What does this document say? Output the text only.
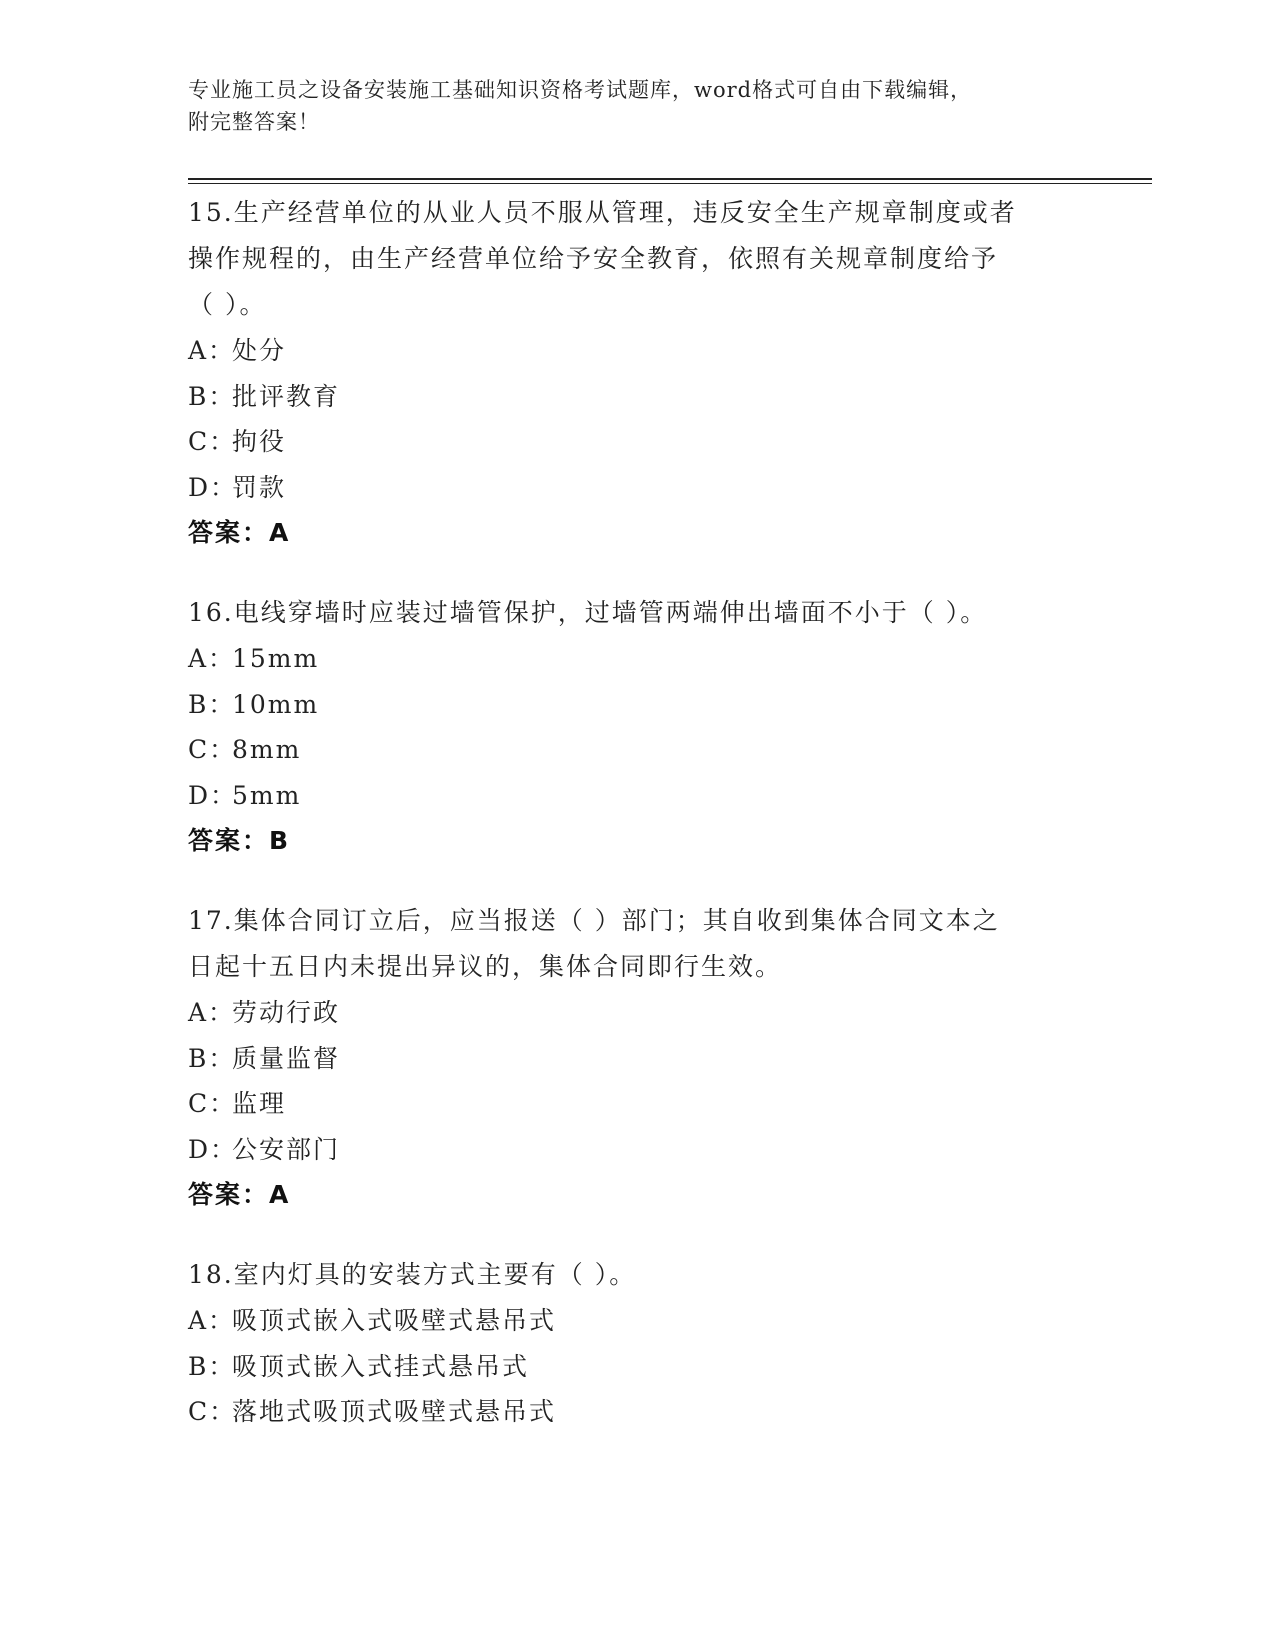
专业施工员之设备安装施工基础知识资格考试题库，word格式可自由下载编辑，
附完整答案！
15.生产经营单位的从业人员不服从管理，违反安全生产规章制度或者
操作规程的，由生产经营单位给予安全教育，依照有关规章制度给予
（ ）。
A：处分
B：批评教育
C：拘役
D：罚款
答案：A
16.电线穿墙时应装过墙管保护，过墙管两端伸出墙面不小于（ ）。
A：15mm
B：10mm
C：8mm
D：5mm
答案：B
17.集体合同订立后，应当报送（ ）部门；其自收到集体合同文本之
日起十五日内未提出异议的，集体合同即行生效。
A：劳动行政
B：质量监督
C：监理
D：公安部门
答案：A
18.室内灯具的安装方式主要有（ ）。
A：吸顶式嵌入式吸壁式悬吊式
B：吸顶式嵌入式挂式悬吊式
C：落地式吸顶式吸壁式悬吊式
